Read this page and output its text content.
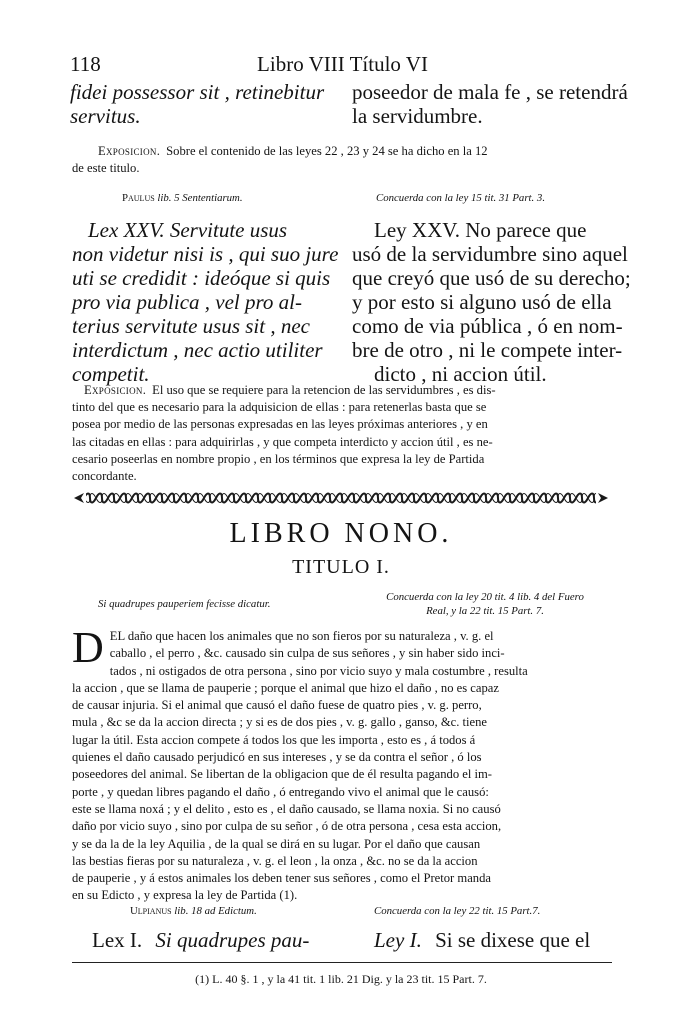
118	Libro VIII Título VI
fidei possessor sit , retinebitur
servitus.
poseedor de mala fe , se retendrá
la servidumbre.
Exposicion. Sobre el contenido de las leyes 22 , 23 y 24 se ha dicho en la 12
de este titulo.
Paulus lib. 5 Sententiarum.	Concuerda con la ley 15 tit. 31 Part. 3.
Lex XXV. Servitute usus
non videtur nisi is , qui suo jure
uti se credidit : ideóque si quis
pro via publica , vel pro al-
terius servitute usus sit , nec
interdictum , nec actio utiliter
competit.
Ley XXV. No parece que
usó de la servidumbre sino aquel
que creyó que usó de su derecho;
y por esto si alguno usó de ella
como de via pública , ó en nom-
bre de otro , ni le compete inter-
dicto , ni accion útil.
Exposicion. El uso que se requiere para la retencion de las servidumbres , es dis-
tinto del que es necesario para la adquisicion de ellas : para retenerlas basta que se
posea por medio de las personas expresadas en las leyes próximas anteriores , y en
las citadas en ellas : para adquirirlas , y que competa interdicto y accion útil , es ne-
cesario poseerlas en nombre propio , en los términos que expresa la ley de Partida
concordante.
LIBRO NONO.
TITULO I.
Si quadrupes pauperiem fecisse dicatur.
Concuerda con la ley 20 tit. 4 lib. 4 del Fuero
Real, y la 22 tit. 15 Part. 7.
D EL daño que hacen los animales que no son fieros por su naturaleza , v. g. el
caballo , el perro , &c. causado sin culpa de sus señores , y sin haber sido inci-
tados , ni ostigados de otra persona , sino por vicio suyo y mala costumbre , resulta
la accion , que se llama de pauperie ; porque el animal que hizo el daño , no es capaz
de causar injuria. Si el animal que causó el daño fuese de quatro pies , v. g. perro,
mula , &c se da la accion directa ; y si es de dos pies , v. g. gallo , ganso, &c. tiene
lugar la útil. Esta accion compete á todos los que les importa , esto es , á todos á
quienes el daño causado perjudicó en sus intereses , y se da contra el señor , ó los
poseedores del animal. Se libertan de la obligacion que de él resulta pagando el im-
porte , y quedan libres pagando el daño , ó entregando vivo el animal que le causó:
este se llama noxá ; y el delito , esto es , el daño causado, se llama noxia. Si no causó
daño por vicio suyo , sino por culpa de su señor , ó de otra persona , cesa esta accion,
y se da la de la ley Aquilia , de la qual se dirá en su lugar. Por el daño que causan
las bestias fieras por su naturaleza , v. g. el leon , la onza , &c. no se da la accion
de pauperie , y á estos animales los deben tener sus señores , como el Pretor manda
en su Edicto , y expresa la ley de Partida (1).
Ulpianus lib. 18 ad Edictum.	Concuerda con la ley 22 tit. 15 Part.7.
Lex I. Si quadrupes pau-	Ley I. Si se dixese que el
(1) L. 40 §. 1 , y la 41 tit. 1 lib. 21 Dig. y la 23 tit. 15 Part. 7.
